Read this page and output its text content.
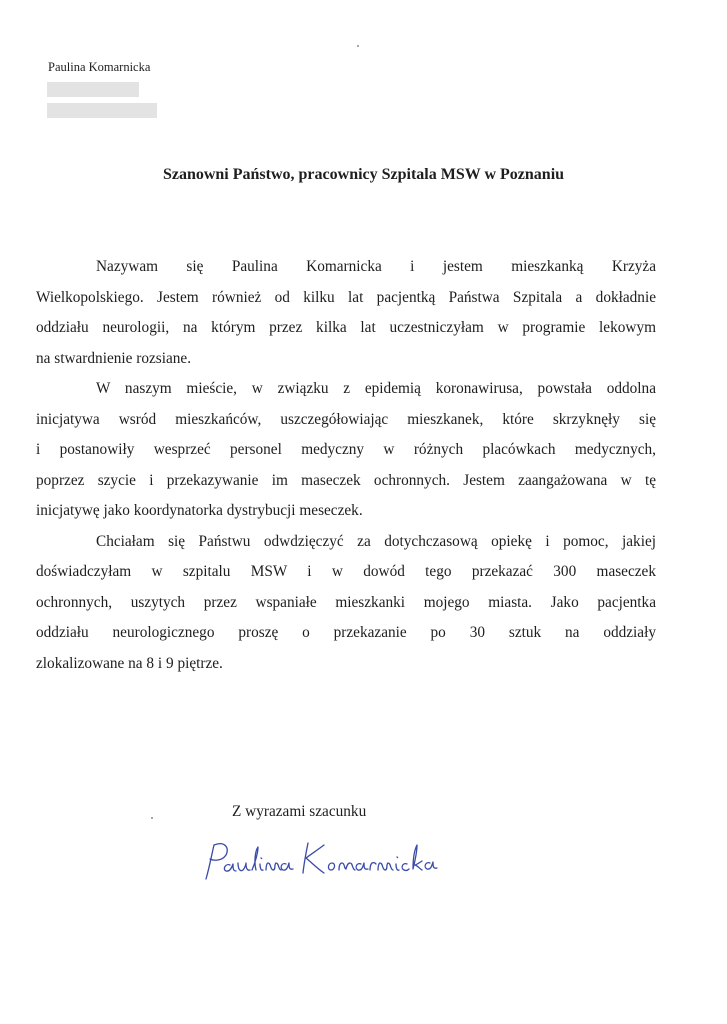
Paulina Komarnicka
Szanowni Państwo, pracownicy Szpitala MSW w Poznaniu
Nazywam się Paulina Komarnicka i jestem mieszkanką Krzyża
Wielkopolskiego. Jestem również od kilku lat pacjentką Państwa Szpitala a dokładnie
oddziału neurologii, na którym przez kilka lat uczestniczyłam w programie lekowym
na stwardnienie rozsiane.
W naszym mieście, w związku z epidemią koronawirusa, powstała oddolna
inicjatywa wsród mieszkańców, uszczegółowiając mieszkanek, które skrzyknęły się
i postanowiły wesprzeć personel medyczny w różnych placówkach medycznych,
poprzez szycie i przekazywanie im maseczek ochronnych. Jestem zaangażowana w tę
inicjatywę jako koordynatorka dystrybucji meseczek.
Chciałam się Państwu odwdzięczyć za dotychczasową opiekę i pomoc, jakiej
doświadczyłam w szpitalu MSW i w dowód tego przekazać 300 maseczek
ochronnych, uszytych przez wspaniałe mieszkanki mojego miasta. Jako pacjentka
oddziału neurologicznego proszę o przekazanie po 30 sztuk na oddziały
zlokalizowane na 8 i 9 piętrze.
Z wyrazami szacunku
